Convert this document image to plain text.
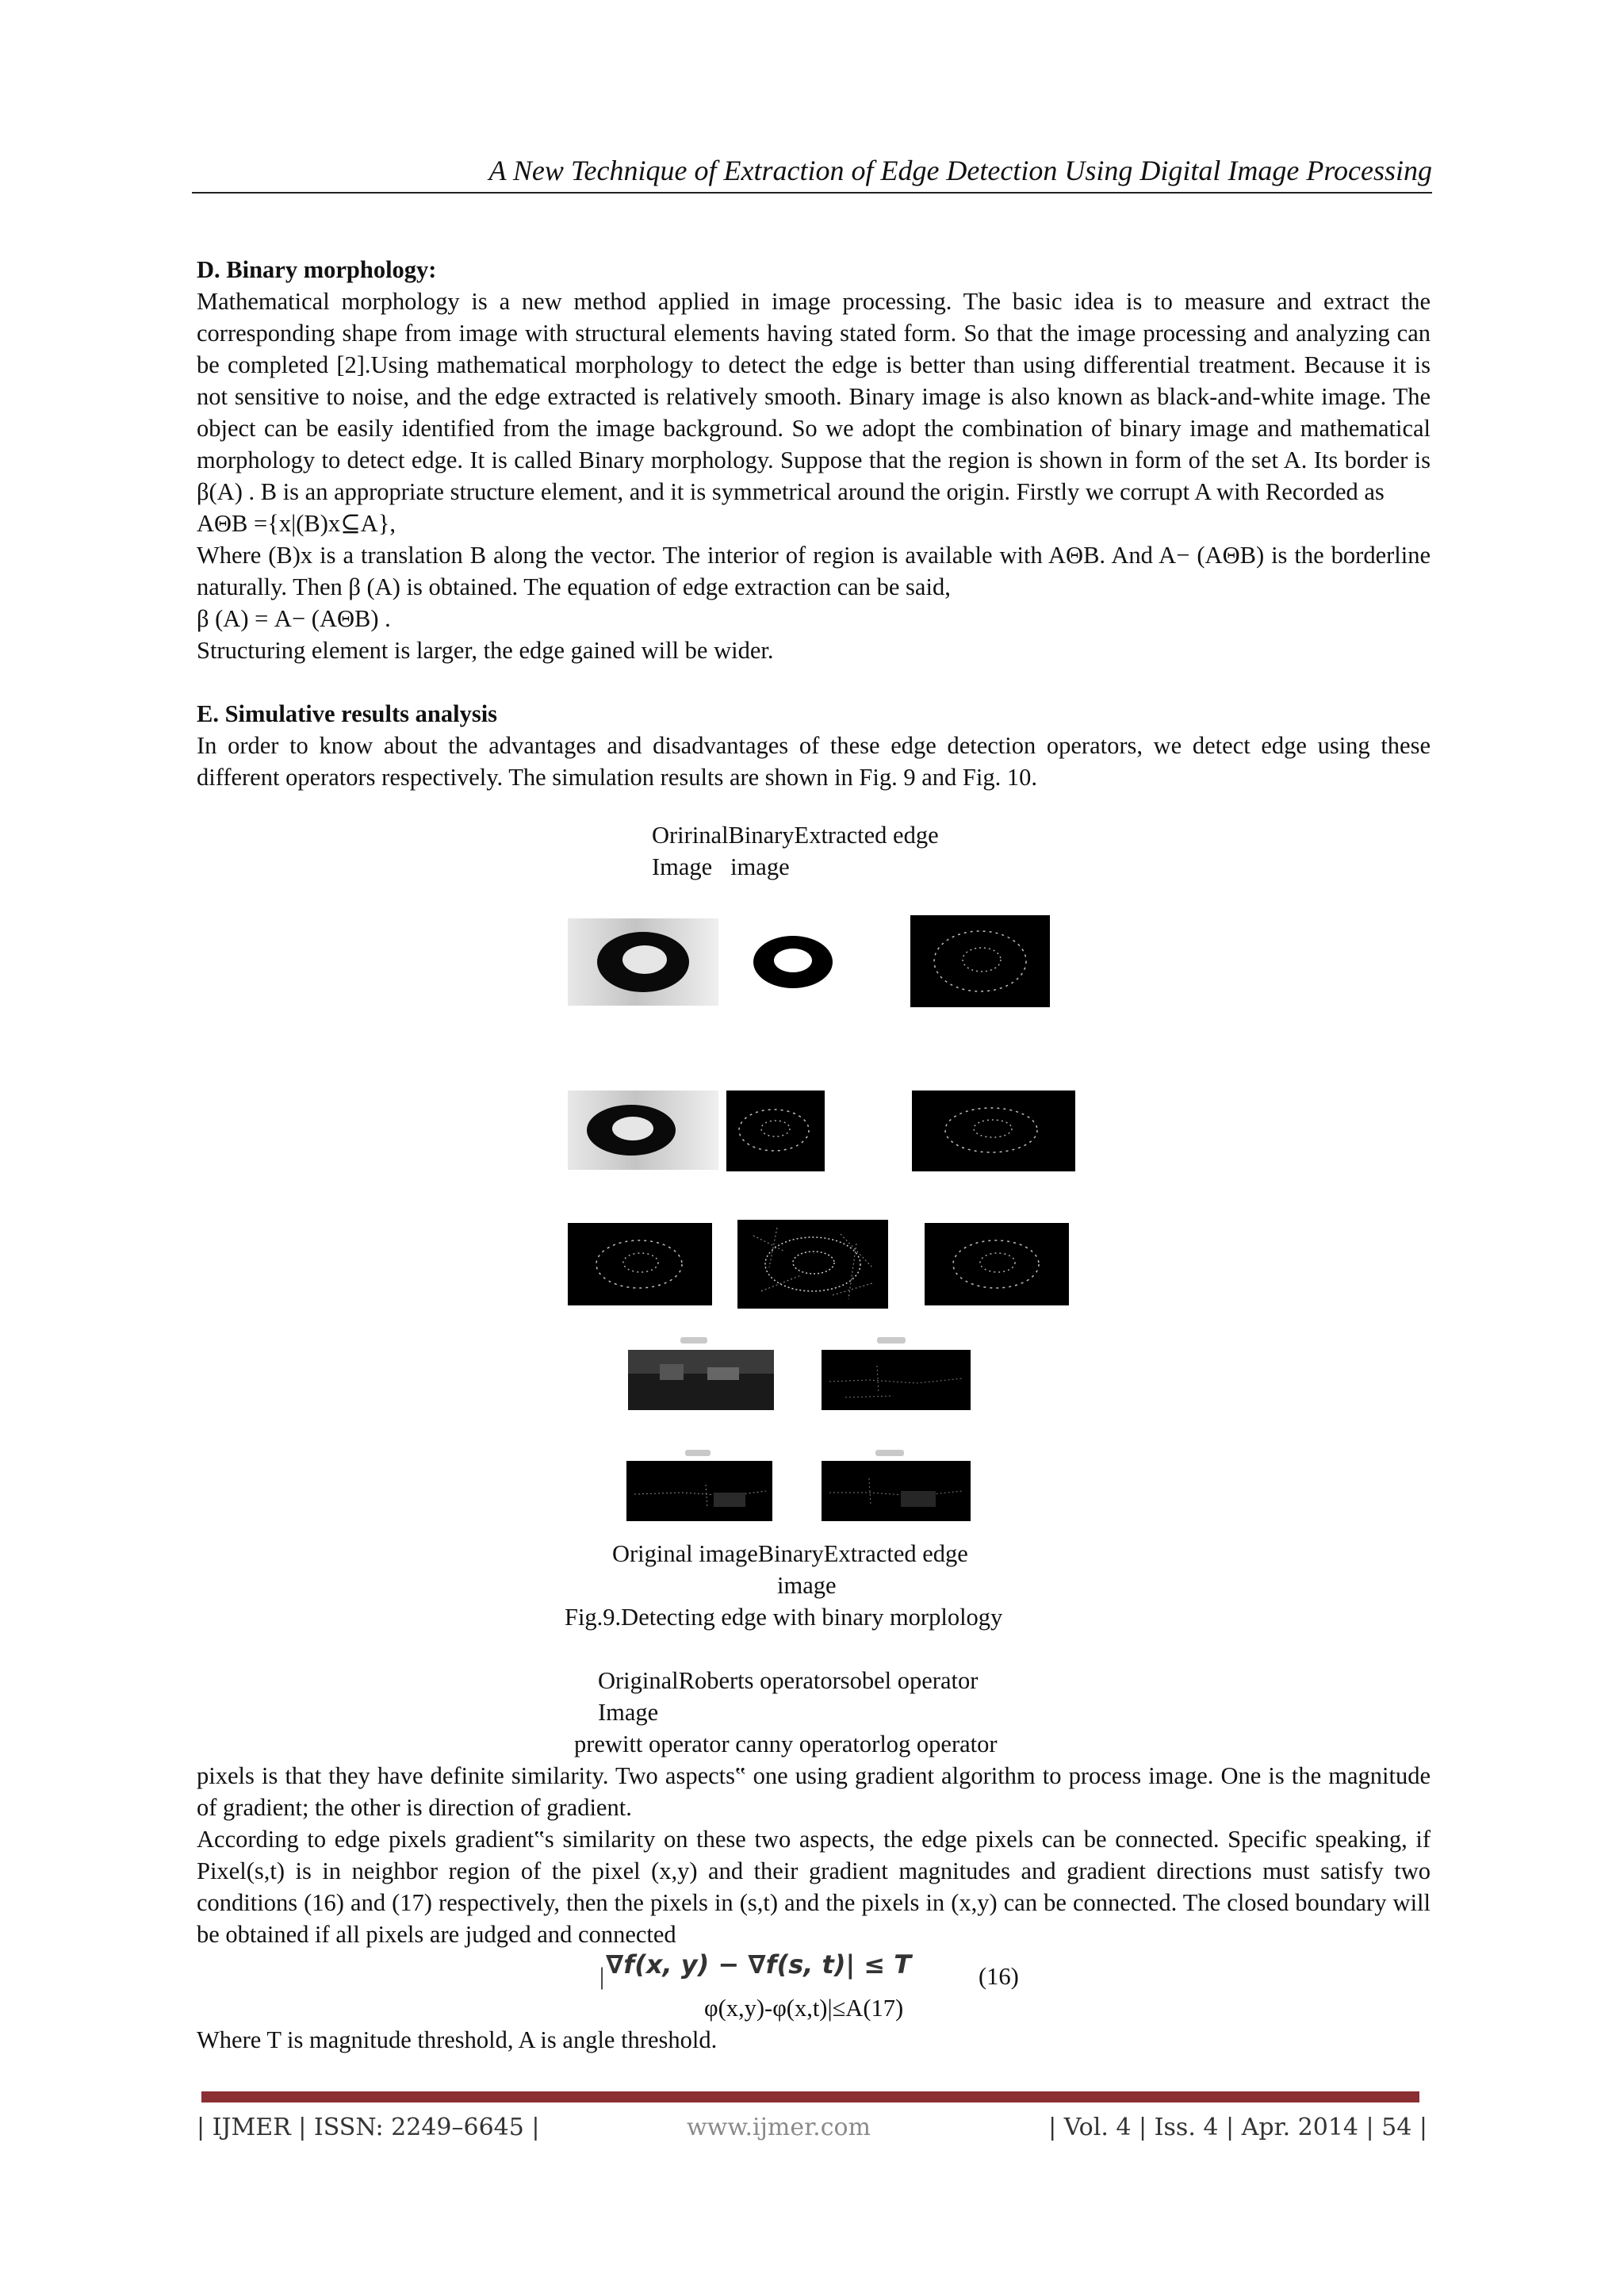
A New Technique of Extraction of Edge Detection Using Digital Image Processing

D. Binary morphology:

Mathematical morphology is a new method applied in image processing. The basic idea is to measure and extract the corresponding shape from image with structural elements having stated form. So that the image processing and analyzing can be completed [2].Using mathematical morphology to detect the edge is better than using differential treatment. Because it is not sensitive to noise, and the edge extracted is relatively smooth. Binary image is also known as black-and-white image. The object can be easily identified from the image background. So we adopt the combination of binary image and mathematical morphology to detect edge. It is called Binary morphology. Suppose that the region is shown in form of the set A. Its border is β(A) . B is an appropriate structure element, and it is symmetrical around the origin. Firstly we corrupt A with Recorded as

AΘB ={x|(B)x⊆A},

Where (B)x is a translation B along the vector. The interior of region is available with AΘB. And A− (AΘB) is the borderline naturally. Then β (A) is obtained. The equation of edge extraction can be said,

β (A) = A− (AΘB) .

Structuring element is larger, the edge gained will be wider.

E. Simulative results analysis

In order to know about the advantages and disadvantages of these edge detection operators, we detect edge using these different operators respectively. The simulation results are shown in Fig. 9 and Fig. 10.

OririnalBinaryExtracted edge
Image   image
Original imageBinaryExtracted edge
image
Fig.9.Detecting edge with binary morplology
OriginalRoberts operatorsobel operator
Image
prewitt operator canny operatorlog operator

pixels is that they have definite similarity. Two aspects‟ one using gradient algorithm to process image. One is the magnitude of gradient; the other is direction of gradient.

According to edge pixels gradient‟s similarity on these two aspects, the edge pixels can be connected. Specific speaking, if Pixel(s,t) is in neighbor region of the pixel (x,y) and their gradient magnitudes and gradient directions must satisfy two conditions (16) and (17) respectively, then the pixels in (s,t) and the pixels in (x,y) can be connected. The closed boundary will be obtained if all pixels are judged and connected

| ∇f(x, y) − ∇f(s, t)| ≤ T	(16)
φ(x,y)-φ(x,t)|≤A(17)
Where T is magnitude threshold, A is angle threshold.
| IJMER | ISSN: 2249–6645 |	www.ijmer.com	| Vol. 4 | Iss. 4 | Apr. 2014 | 54 |
